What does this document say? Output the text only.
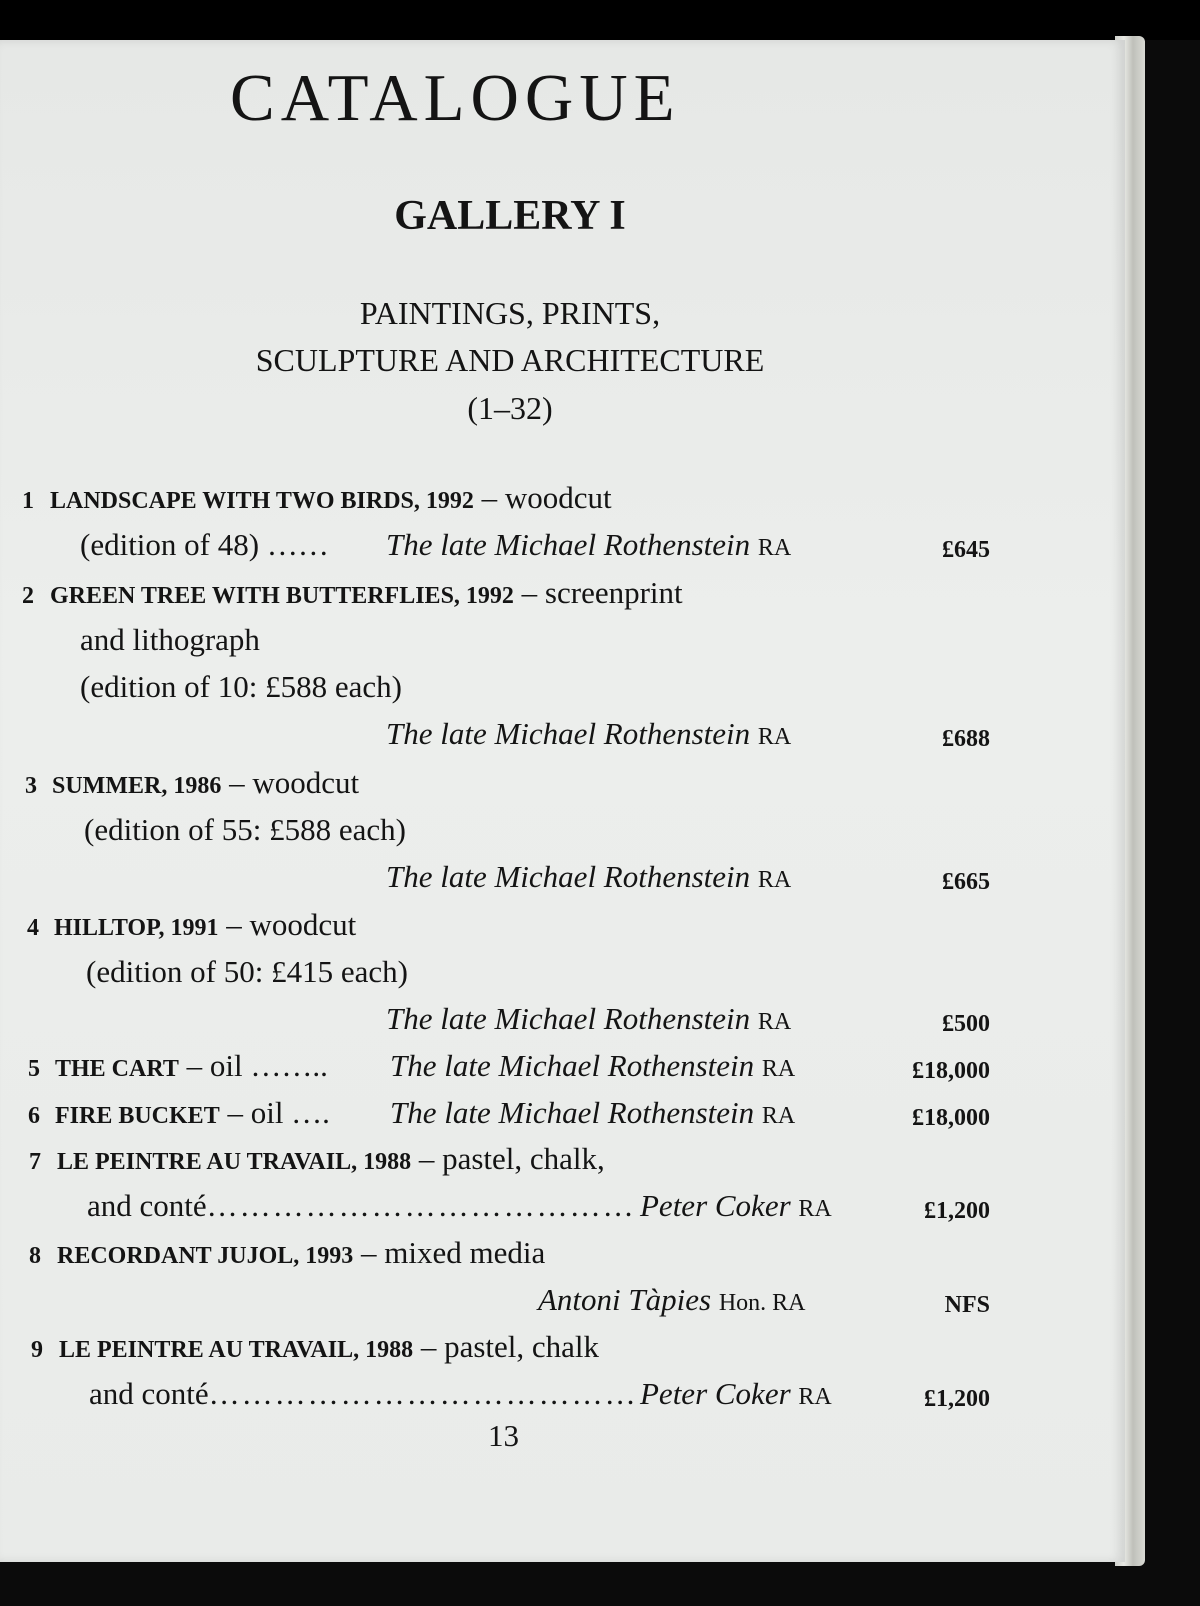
CATALOGUE
GALLERY I
PAINTINGS, PRINTS,
SCULPTURE AND ARCHITECTURE
(1–32)
1 LANDSCAPE WITH TWO BIRDS, 1992 – woodcut
(edition of 48) …… The late Michael Rothenstein RA	£645
2 GREEN TREE WITH BUTTERFLIES, 1992 – screenprint
and lithograph
(edition of 10: £588 each)
The late Michael Rothenstein RA	£688
3 SUMMER, 1986 – woodcut
(edition of 55: £588 each)
The late Michael Rothenstein RA	£665
4 HILLTOP, 1991 – woodcut
(edition of 50: £415 each)
The late Michael Rothenstein RA	£500
5 THE CART – oil …….. The late Michael Rothenstein RA	£18,000
6 FIRE BUCKET – oil …. The late Michael Rothenstein RA	£18,000
7 LE PEINTRE AU TRAVAIL, 1988 – pastel, chalk,
and conté………………………………… Peter Coker RA	£1,200
8 RECORDANT JUJOL, 1993 – mixed media
Antoni Tàpies Hon. RA	NFS
9 LE PEINTRE AU TRAVAIL, 1988 – pastel, chalk
and conté………………………………… Peter Coker RA	£1,200
13
